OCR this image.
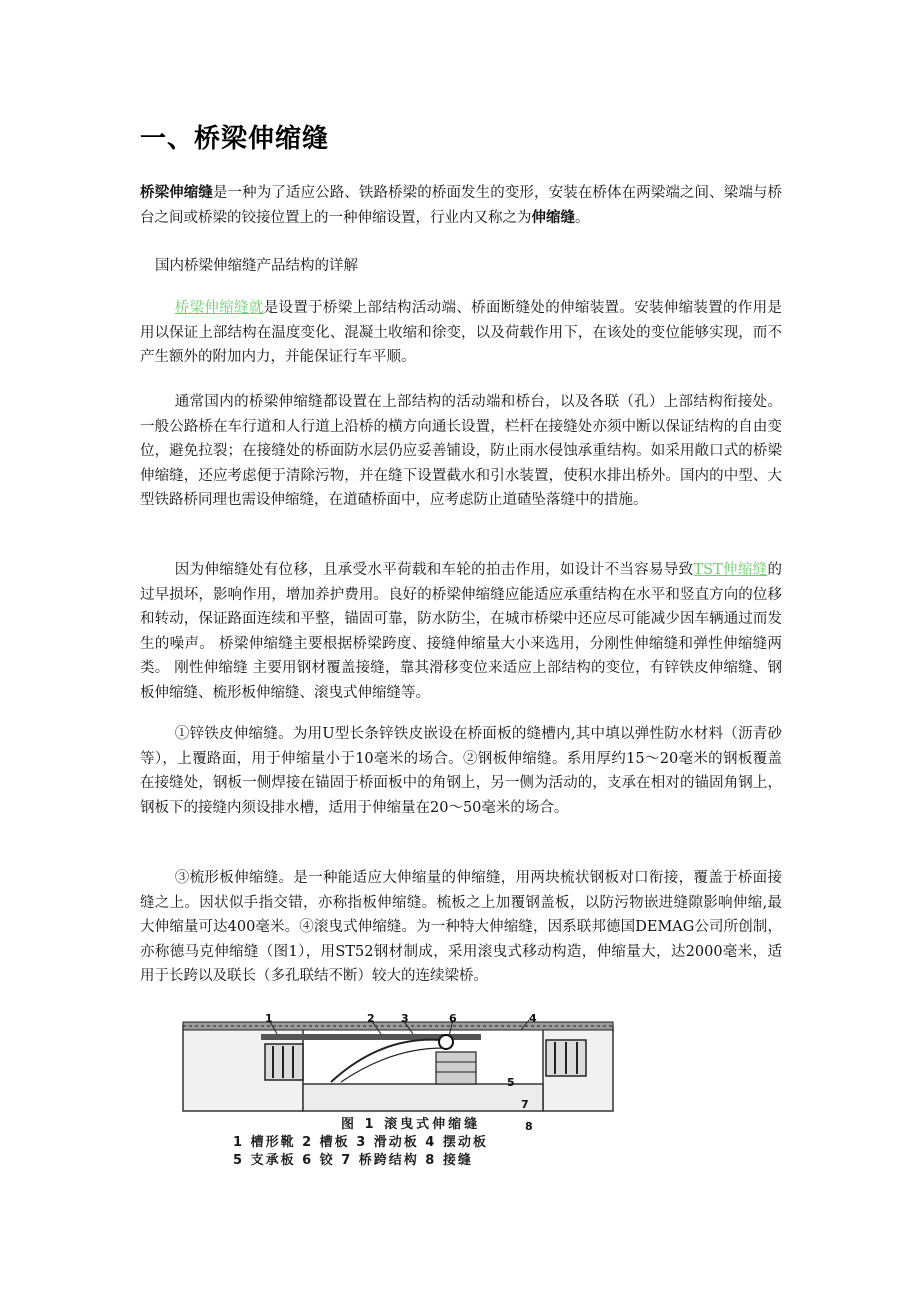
一、桥梁伸缩缝
桥梁伸缩缝是一种为了适应公路、铁路桥梁的桥面发生的变形，安装在桥体在两梁端之间、梁端与桥台之间或桥梁的铰接位置上的一种伸缩设置，行业内又称之为伸缩缝。
国内桥梁伸缩缝产品结构的详解
桥梁伸缩缝就是设置于桥梁上部结构活动端、桥面断缝处的伸缩装置。安装伸缩装置的作用是用以保证上部结构在温度变化、混凝土收缩和徐变，以及荷载作用下，在该处的变位能够实现，而不产生额外的附加内力，并能保证行车平顺。
通常国内的桥梁伸缩缝都设置在上部结构的活动端和桥台，以及各联（孔）上部结构衔接处。一般公路桥在车行道和人行道上沿桥的横方向通长设置，栏杆在接缝处亦须中断以保证结构的自由变位，避免拉裂；在接缝处的桥面防水层仍应妥善铺设，防止雨水侵蚀承重结构。如采用敞口式的桥梁伸缩缝，还应考虑便于清除污物，并在缝下设置截水和引水装置，使积水排出桥外。国内的中型、大型铁路桥同理也需设伸缩缝，在道碴桥面中，应考虑防止道碴坠落缝中的措施。
因为伸缩缝处有位移，且承受水平荷载和车轮的拍击作用，如设计不当容易导致TST伸缩缝的过早损坏，影响作用，增加养护费用。良好的桥梁伸缩缝应能适应承重结构在水平和竖直方向的位移和转动，保证路面连续和平整，锚固可靠，防水防尘，在城市桥梁中还应尽可能减少因车辆通过而发生的噪声。 桥梁伸缩缝主要根据桥梁跨度、接缝伸缩量大小来选用，分刚性伸缩缝和弹性伸缩缝两类。 刚性伸缩缝 主要用钢材覆盖接缝，靠其滑移变位来适应上部结构的变位，有锌铁皮伸缩缝、钢板伸缩缝、梳形板伸缩缝、滚曳式伸缩缝等。
①锌铁皮伸缩缝。为用U型长条锌铁皮嵌设在桥面板的缝槽内,其中填以弹性防水材料（沥青砂等），上覆路面，用于伸缩量小于10毫米的场合。②钢板伸缩缝。系用厚约15～20毫米的钢板覆盖在接缝处，钢板一侧焊接在锚固于桥面板中的角钢上，另一侧为活动的，支承在相对的锚固角钢上，钢板下的接缝内须设排水槽，适用于伸缩量在20～50毫米的场合。
③梳形板伸缩缝。是一种能适应大伸缩量的伸缩缝，用两块梳状钢板对口衔接，覆盖于桥面接缝之上。因状似手指交错，亦称指板伸缩缝。梳板之上加覆钢盖板，以防污物嵌进缝隙影响伸缩,最大伸缩量可达400毫米。④滚曳式伸缩缝。为一种特大伸缩缝，因系联邦德国DEMAG公司所创制，亦称德马克伸缩缝（图1），用ST52钢材制成，采用滚曳式移动构造，伸缩量大，达2000毫米，适用于长跨以及联长（多孔联结不断）较大的连续梁桥。
1	2 3	6	4
5
7
8
图 1 滚曳式伸缩缝
1 槽形靴 2 槽板 3 滑动板 4 摆动板
5 支承板 6 铰 7 桥跨结构 8 接缝
